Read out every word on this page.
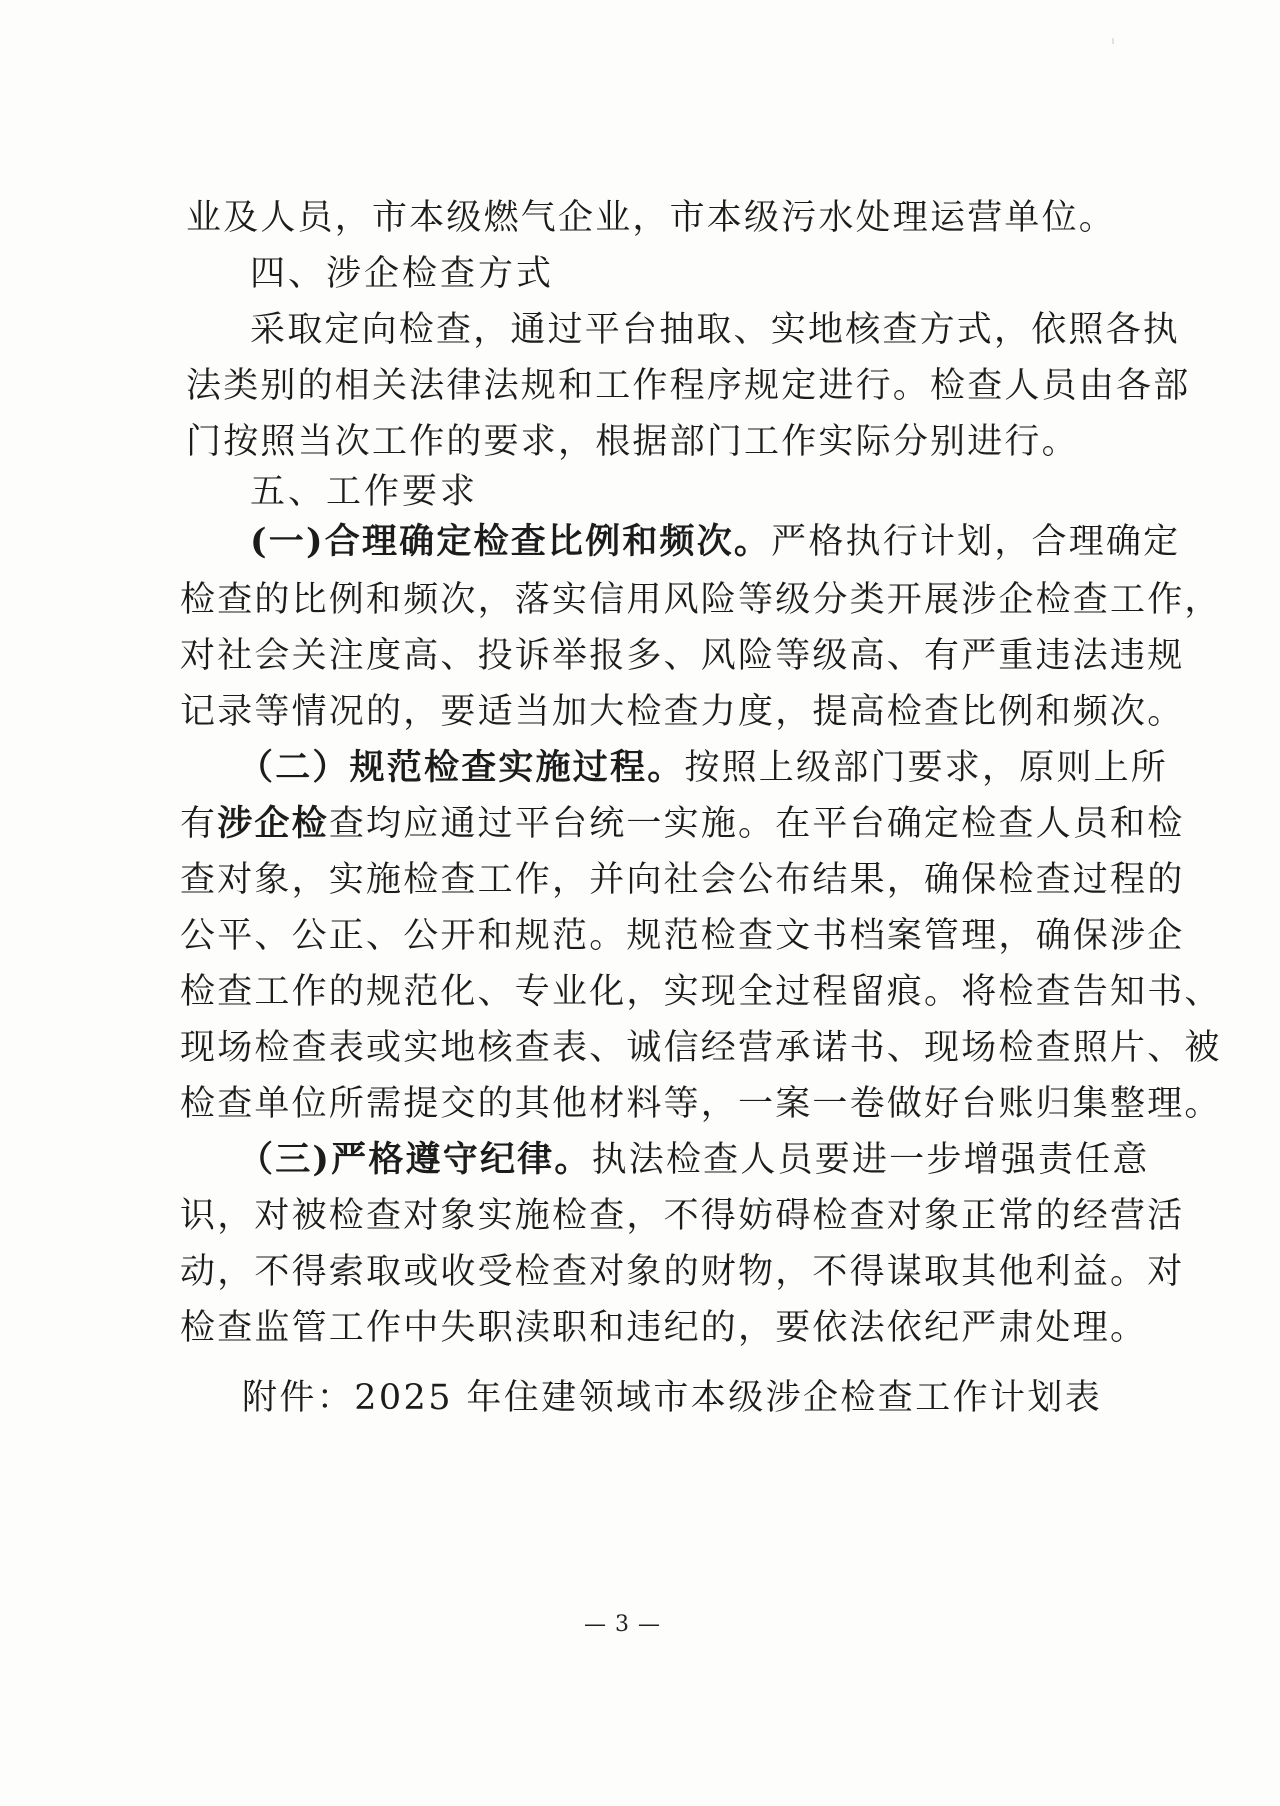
业及人员，市本级燃气企业，市本级污水处理运营单位。
四、涉企检查方式
采取定向检查，通过平台抽取、实地核查方式，依照各执
法类别的相关法律法规和工作程序规定进行。检查人员由各部
门按照当次工作的要求，根据部门工作实际分别进行。
五、工作要求
(一)合理确定检查比例和频次。严格执行计划，合理确定
检查的比例和频次，落实信用风险等级分类开展涉企检查工作，
对社会关注度高、投诉举报多、风险等级高、有严重违法违规
记录等情况的，要适当加大检查力度，提高检查比例和频次。
（二）规范检查实施过程。按照上级部门要求，原则上所
有涉企检查均应通过平台统一实施。在平台确定检查人员和检
查对象，实施检查工作，并向社会公布结果，确保检查过程的
公平、公正、公开和规范。规范检查文书档案管理，确保涉企
检查工作的规范化、专业化，实现全过程留痕。将检查告知书、
现场检查表或实地核查表、诚信经营承诺书、现场检查照片、被
检查单位所需提交的其他材料等，一案一卷做好台账归集整理。
（三)严格遵守纪律。执法检查人员要进一步增强责任意
识，对被检查对象实施检查，不得妨碍检查对象正常的经营活
动，不得索取或收受检查对象的财物，不得谋取其他利益。对
检查监管工作中失职渎职和违纪的，要依法依纪严肃处理。
附件：2025 年住建领域市本级涉企检查工作计划表
— 3 —
